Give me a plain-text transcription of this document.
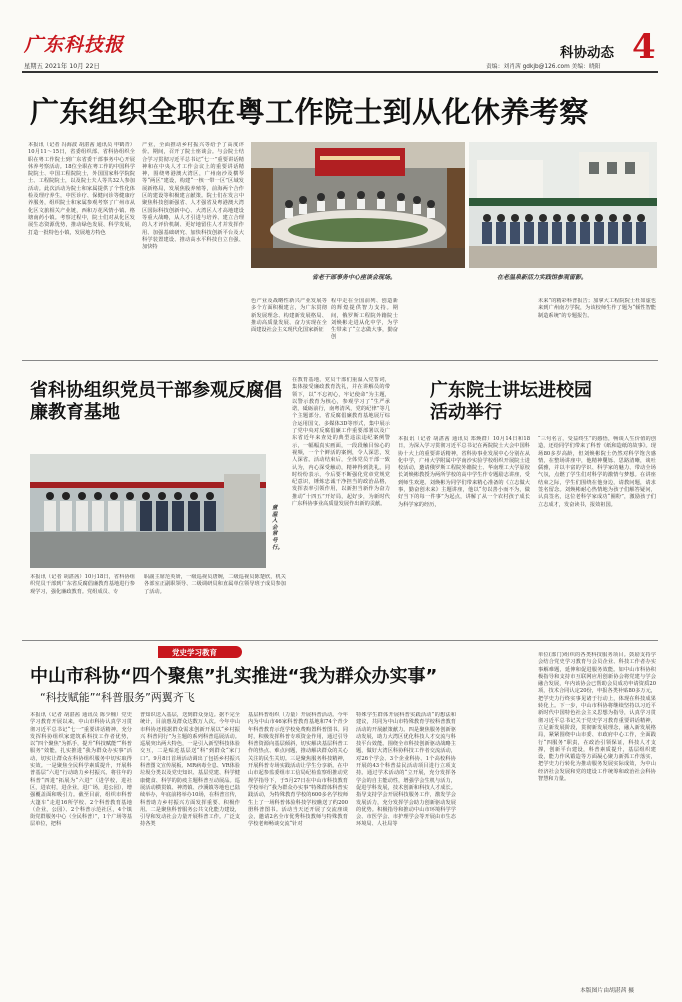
广东科技报
星期五 2021年 10月 22日
科协动态 4
责编：刘肖茜 gdkjb@126.com 美编：晓阳
广东组织全职在粤工作院士到从化休养考察

本报讯（记者 冯海波 胡湛茜 通讯员 申鹤青）10月11～15日，省委组织部、省科协组织全职在粤工作院士到广东省委干部事务中心开展休养考察活动。18位全职在粤工作的中国科学院院士、中国工程院院士，外国国家科学院院士、工程院院士，以及院士夫人等共32人参加活动。此次活动为院士和家属提供了个性化体检及理疗养生，中医诊疗、保健问诊等健康疗养服务，组织院士和家属参观考察了广州市从化区文旅相关产业链，西和万花风情小镇、格塘南药小镇。考察过程中，院士们对从化区发展生态资源优势，推动绿色发展、科学发展，打造一批特色小镇，发展地方特色

产业，全面推动乡村振兴等给予了高度评价。期间，召开了院士座谈会。与会院士结合学习贯彻习近平总书记“七一”重要讲话精神和在中央人才工作会议上的重要讲话精神，围绕粤港澳大湾区，广州南沙及横琴等“两区”建设，构建“一核一带一区”区域发展新格局，发展焦股养殖等，前海两个合作区的建设等积极建言献策。院士们在发言中聚焦科技创新强省、人才强省及粤港澳大湾区国际科技创新中心、大湾区人才高地建设等重大战略，从人才引进与培养、建立合理的人才评价机制、更好地留住人才并发挥作用、加强基础研究、加快科技创新平台及大科学装置建设、推动高水平科技自立自强、加快特

色产业及战略性新兴产业发展等多个方面积极建言，为广东贯彻新发展理念、构建新发展格局、推动高质量发展、奋力实现在全面建设社会主义现代化国家新征

程中走在全国前列、创造新的辉煌提供智力支持。期间，俄罗斯工程院外籍院士刘焕彬走进从化中学，为学生带来了“立志做大事，勤奋创

未来”的精彩科普报告；加拿大工程院院士杜如虚也来到广州南方学院，为该校师生作了题为“倾性智能制造系统”的专题报告。

省老干部事务中心座谈会现场。	在老温泉新活力实践馆参观留影。
省科协组织党员干部参观反腐倡廉教育基地
童温入会常号行。

本报讯（记者 胡湛茜）10月18日，省科协组织党员干部到广东省反腐倡廉教育基地进行参观学习，强化廉政教育。党组成员、专

职副主席范英妍，一级巡视员唐婉，二级巡视员陈楚欣，机关各部室正副职领导、二级调研员和直属单位领导班子成员参加了活动。

在教育基地，党员干部们重温入党誓词，集体接受廉政教育洗礼，并在讲解员的带领下，以“不忘初心，牢记使命”为主题，以警示教育为核心，参观学习了“生严承诺，砥砺前行，南粤清风，党的纪律”等几个主题部分。省反腐倡廉教育基地展厅综合运用国文、多媒体3D等形式，集中展示了党中央对反腐倡廉工作重要部署以及广东省近年来查处的典型违法违纪案例警示，一幅幅真实画面，一段段触目惊心的视频，一个个鲜活的案例，令人深思，发人深省。活动结束后，全体党员干部一致认为，内心深受触动，精神得到洗礼。同时纷纷表示，今后要不断强化党章党规党纪意识，锤炼忠诚干净担当的政治品格，发挥表率引领作用，以新担当新作为奋力推动“十四五”开好局，起好步，为新时代广东科协事业高质量发展作出新的贡献。

广东院士讲坛进校园活动举行

本报讯（记者 胡湛茜 通讯员 郑焕群）10月14日和18日，为深入学习贯彻习近平总书记在两院院士大会中国科协十大上的重要讲话精神，省科协事业发展中心分别在从化中学，广州大学附属中学南沙实验学校组织开展院士进校活动，邀请俄罗斯工程院外籍院士、华南理工大学原校长刘焕彬教授为两所学校的高中学生作专题励志讲座，受到师生欢迎。刘焕彬为同学们带来精心准备的《立志做大事，勤奋创未来》主题讲座，他以“勿以善小而不为，做好当下的每一件事”为起点，讲解了从一个农村孩子成长为科学家的经历，

“三句名言，受益终生”的感悟，畅谈人生价值的创造，还给同学们带来了科普《纸和造纸的故事》。现场80多岁高龄，但刘焕彬院士仍然对科学饱含感情，在整场讲座中，他精神矍铄、思路清晰，谈吐儒雅，并以丰富的学识、科学家的魅力、带动全场气氛，点燃了学生们对科学的激情与梦想。在讲座结束之际，学生们围绕在他身边，请教问题，请求签名留念。刘焕彬耐心热情地为孩子们解答疑问，认真签名，这位老科学家成功“圈粉”，激励孩子们立志成才，发奋读书，报效祖国。

党史学习教育
中山市科协“四个聚焦”扎实推进“我为群众办实事”
“科技赋能”“科普服务”两翼齐飞

本报讯（记者 胡湛茜 通讯员 陈少楠）党史学习教育开展以来，中山市科协认真学习贯彻习近平总书记“七一”重要讲话精神，充分发挥科协组织家建筑系科技工作者优势，以“四个聚焦”为抓手，提升“科技赋能”“科普服务”效能，扎实推进“我为群众办实事”活动，切实让群众在科协组织服务中切实取得实效。一是聚焦全民科学素质提升，开展科普基层“六进”行动助力乡村振兴。将往年的科普“四进”拓展为“六进”（进学校，进社区，进农村，进企业，进广场，进公园），增强覆盖面和吸引力。截至目前，组织市科普大篷车“走进16所学校、2个科普教育基地（企业，公园）、2个科普示范社区，4个镇街党群服务中心（全民科普）”，1个广场等基层单位，把科

普知识送入基层，送到群众身边。据不完全统计，目前惠及群众达数万人次。今年中山市科协还根据群众需求创新开展以“乡村振兴 科普同行”为主题的系列科普巡展活动。巡展突出两大特色，一是引入新型科技体验交互，二是贴近基层送“科”到群众“家门口”。9月8日首场活动调出了包括乡村振兴科普图文宣传展板、MR病毒全息、VR体验垃圾分类以及党史知识、基层党建、科学健康健食、科学的防疫主题科普互动展品。巡展活动横贯镇、神湾镇、沙溪镇等地也已陆续举办，年底前将举办10场，在科普宣传，科普助力乡村振兴方面发挥重要、积极作用。二是聚焦科普服务公共文化能力建设，引导和发动社会力量开展科普工作。广泛支持各类

基层科普组织（力量）开展科普活动。今年内为中山市46家科普教育基地和74个青少年科普教育示范学校免费购置科普图书。同时，积极发挥科普专项资金作用，通过引导科普资源向基层倾斜，切实解决基层科普工作的热点、难点问题，推动解决群众的关心关注的民生关切。三是聚焦服务科技精神，开展科普专场实践活动让学生分享新。在中山市起参监委组市工信局纪检监察组推动党规学指导下，于5月27日在中山市科技教育学校举行“我为群众办实事”特殊群体科普实践活动，为特殊教育学校的600多名学校师生上了一场科普体验科技学校瞧送了约200册科普图书。活动当天还开展了交流座谈会，邀请2名全市优秀科技教师与特殊教育学校老师畅谈交流“针对

特殊学生群体开展科普实践活动”的想法和建议，共同为中山市特殊教育学校科普教育活动的开展献策献力。四是聚焦服务创新驱动发展，助力大湾区优化科技人才交流与科技平台效能。围绕全市科技创新驱动战略主题，做好大湾区科协科技工作者交流活动，对26个学会、3个企业科协、1个高校科协开展的43个科普益民活动项目进行立项支持。通过学术活动的“立开展，充分发挥各学会的自主能动性，增强学会生机与活力，促进学科发展，技术创新和科技人才成长。指导支持学会开展科技服务工作，激发学会发展活力，充分发挥学会助力创新驱动发展的优势。积极指导和推动中山市环境科学学会、市医学会、市护理学会等开展由市生态环境局、人社局等

单位(部门)组织的各类科技服务项目。鼓励支持学会结合党史学习教育与会员企业、科技工作者办实事解难题，延伸和促进服务效能。如中山市科协积极指导和支持市互联网应用创新协会将党建与学会融合发展，年内该协会已帮助会员成功申请资质20项，技术合同认定20份，申报各类补贴80多万元，把学史力行终实事见诸于行动上，体现在科技成果转化上。下一步，中山市科协将继续坚持以习近平新时代中国特色社会主义思想为指导，认真学习贯彻习近平总书记关于党史学习教育重要讲话精神，立足新发展阶段，贯彻新发展理念，融入新发展格局，紧紧围绕中山市委、市政府中心工作，全面践行“四服务”职责，在政治引领保证，科技人才支撑，创新平台建设，科普素质提升，基层组织建设，能力作风锻造等方面凝心聚力新抓工作落实，把学史力行转化为推动服务发展实际成效，为中山经济社会发展和党的建设工作统筹和政治社会科协智慧和力量。

本版图片由胡湛茜 摄
